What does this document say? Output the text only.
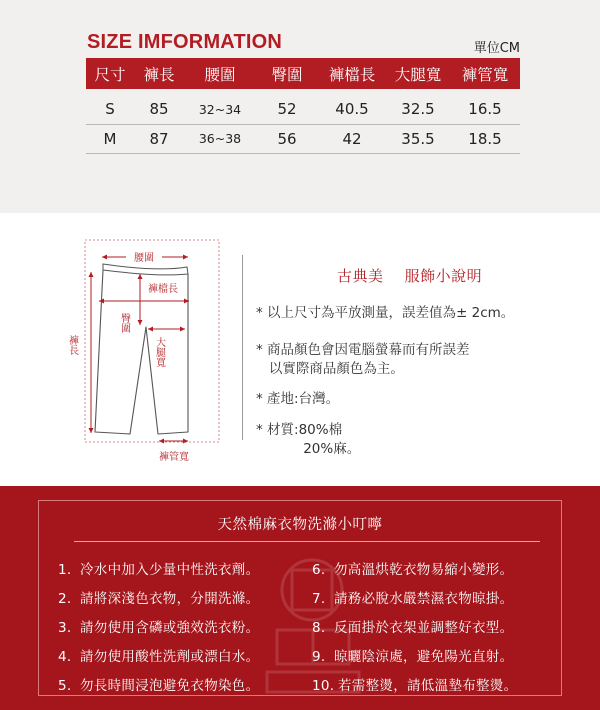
SIZE IMFORMATION	單位CM
尺寸	褲長	腰圍	臀圍	褲檔長	大腿寬	褲管寬
S	85	32~34	52	40.5	32.5	16.5
M	87	36~38	56	42	35.5	18.5
腰圍
褲檔長
臀圍
大腿寬
褲長
褲管寬
古典美    服飾小說明
* 以上尺寸為平放測量，誤差值為± 2cm。
* 商品顏色會因電腦螢幕而有所誤差
以實際商品顏色為主。
* 產地:台灣。
* 材質:80%棉
20%麻。
天然棉麻衣物洗滌小叮嚀
1. 冷水中加入少量中性洗衣劑。
2. 請將深淺色衣物，分開洗滌。
3. 請勿使用含磷或強效洗衣粉。
4. 請勿使用酸性洗劑或漂白水。
5. 勿長時間浸泡避免衣物染色。
6. 勿高溫烘乾衣物易縮小變形。
7. 請務必脫水嚴禁濕衣物晾掛。
8. 反面掛於衣架並調整好衣型。
9. 晾曬陰涼處，避免陽光直射。
10. 若需整燙，請低溫墊布整燙。
